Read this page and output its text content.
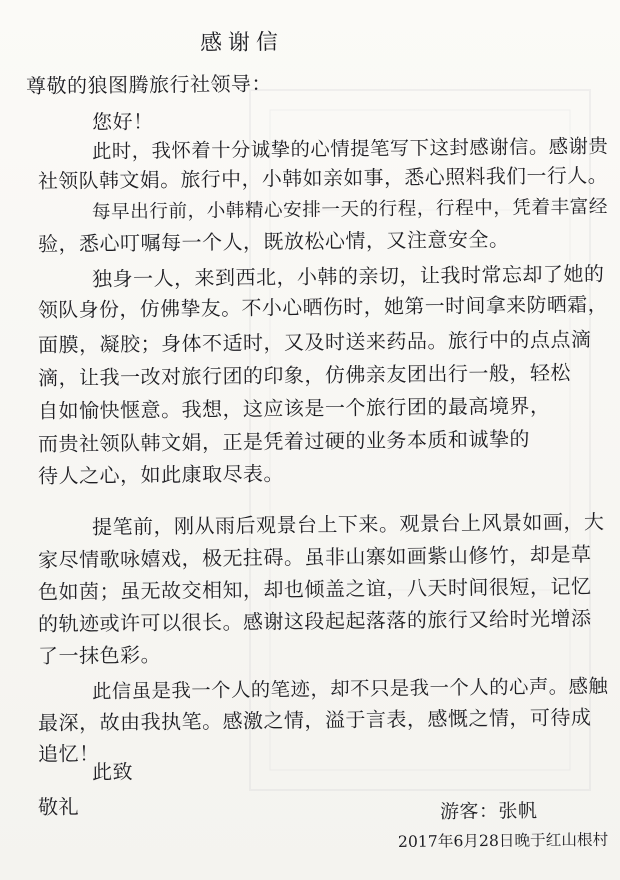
感谢信
尊敬的狼图腾旅行社领导：
您好！
此时，我怀着十分诚挚的心情提笔写下这封感谢信。感谢贵
社领队韩文娟。旅行中，小韩如亲如事，悉心照料我们一行人。
每早出行前，小韩精心安排一天的行程，行程中，凭着丰富经
验，悉心叮嘱每一个人，既放松心情，又注意安全。
独身一人，来到西北，小韩的亲切，让我时常忘却了她的
领队身份，仿佛挚友。不小心晒伤时，她第一时间拿来防晒霜，
面膜，凝胶；身体不适时，又及时送来药品。旅行中的点点滴
滴，让我一改对旅行团的印象，仿佛亲友团出行一般，轻松
自如愉快惬意。我想，这应该是一个旅行团的最高境界，
而贵社领队韩文娟，正是凭着过硬的业务本质和诚挚的
待人之心，如此康取尽表。
提笔前，刚从雨后观景台上下来。观景台上风景如画，大
家尽情歌咏嬉戏，极无拄碍。虽非山寨如画紫山修竹，却是草
色如茵；虽无故交相知，却也倾盖之谊，八天时间很短，记忆
的轨迹或许可以很长。感谢这段起起落落的旅行又给时光增添
了一抹色彩。
此信虽是我一个人的笔迹，却不只是我一个人的心声。感触
最深，故由我执笔。感激之情，溢于言表，感慨之情，可待成
追忆！
此致
敬礼	游客：张帆
2017年6月28日晚于红山根村
